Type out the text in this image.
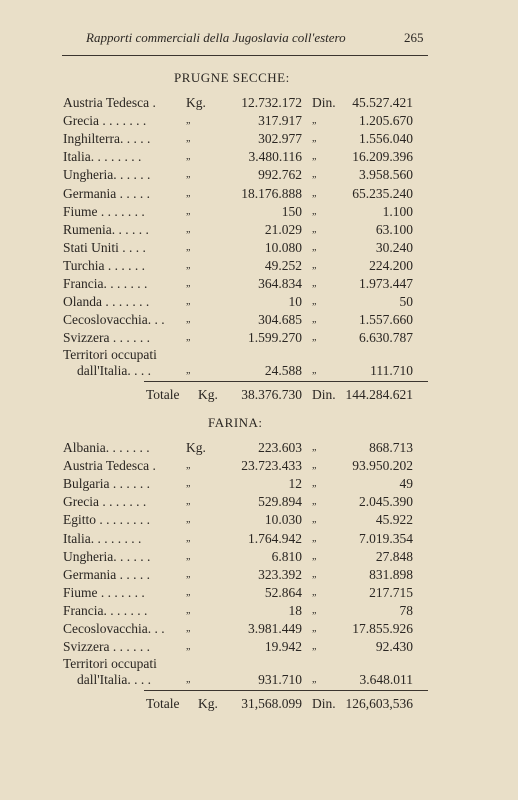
Rapporti commerciali della Jugoslavia coll'estero	265
PRUGNE SECCHE:
Austria Tedesca . Kg.	12.732.172 Din. 45.527.421
Grecia . . . . . . .	„	317.917 „	1.205.670
Inghilterra. . . . .	„	302.977 „	1.556.040
Italia. . . . . . . .	„	3.480.116 „	16.209.396
Ungheria. . . . . .	„	992.762 „	3.958.560
Germania . . . . .	„	18.176.888 „	65.235.240
Fiume . . . . . . .	„	150 „	1.100
Rumenia. . . . . .	„	21.029 „	63.100
Stati Uniti . . . .	„	10.080 „	30.240
Turchia . . . . . .	„	49.252 „	224.200
Francia. . . . . . .	„	364.834 „	1.973.447
Olanda . . . . . . .	„	10 „	50
Cecoslovacchia. . . „	304.685 „	1.557.660
Svizzera . . . . . .	„	1.599.270 „	6.630.787
Territori occupati
dall'Italia. . . .	„	24.588 „	111.710
Totale Kg. 38.376.730 Din. 144.284.621
FARINA:
Albania. . . . . . .	Kg.	223.603 „	868.713
Austria Tedesca .	„	23.723.433 „	93.950.202
Bulgaria . . . . . .	„	12 „	49
Grecia . . . . . . .	„	529.894 „	2.045.390
Egitto . . . . . . . .	„	10.030 „	45.922
Italia. . . . . . . .	„	1.764.942 „	7.019.354
Ungheria. . . . . .	„	6.810 „	27.848
Germania . . . . .	„	323.392 „	831.898
Fiume . . . . . . .	„	52.864 „	217.715
Francia. . . . . . .	„	18 „	78
Cecoslovacchia. . . „	3.981.449 „	17.855.926
Svizzera . . . . . .	„	19.942 „	92.430
Territori occupati
dall'Italia. . . .	„	931.710 „	3.648.011
Totale Kg. 31,568.099 Din. 126,603,536
